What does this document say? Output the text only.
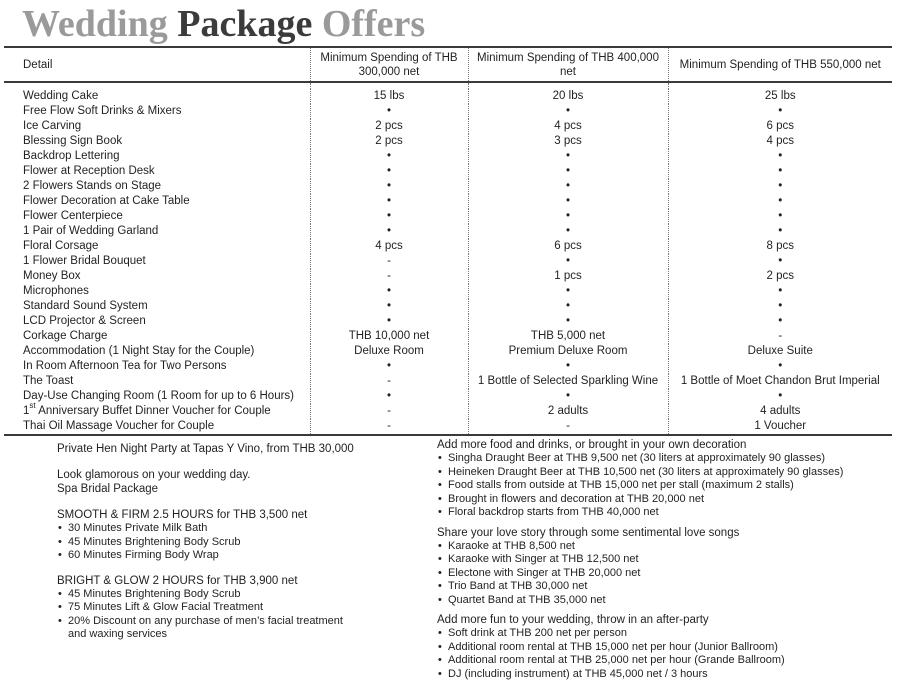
Wedding Package Offers
Detail	Minimum Spending of THB 300,000 net	Minimum Spending of THB 400,000 net	Minimum Spending of THB 550,000 net

Wedding Cake	15 lbs	20 lbs	25 lbs
Free Flow Soft Drinks & Mixers	•	•	•
Ice Carving	2 pcs	4 pcs	6 pcs
Blessing Sign Book	2 pcs	3 pcs	4 pcs
Backdrop Lettering	•	•	•
Flower at Reception Desk	•	•	•
2 Flowers Stands on Stage	•	•	•
Flower Decoration at Cake Table	•	•	•
Flower Centerpiece	•	•	•
1 Pair of Wedding Garland	•	•	•
Floral Corsage	4 pcs	6 pcs	8 pcs
1 Flower Bridal Bouquet	-	•	•
Money Box	-	1 pcs	2 pcs
Microphones	•	•	•
Standard Sound System	•	•	•
LCD Projector & Screen	•	•	•
Corkage Charge	THB 10,000 net	THB 5,000 net	-
Accommodation (1 Night Stay for the Couple)	Deluxe Room	Premium Deluxe Room	Deluxe Suite
In Room Afternoon Tea for Two Persons	•	•	•
The Toast	-	1 Bottle of Selected Sparkling Wine	1 Bottle of Moet Chandon Brut Imperial
Day-Use Changing Room (1 Room for up to 6 Hours)	•	•	•
1st Anniversary Buffet Dinner Voucher for Couple	-	2 adults	4 adults
Thai Oil Massage Voucher for Couple	-	-	1 Voucher
Private Hen Night Party at Tapas Y Vino, from THB 30,000
Look glamorous on your wedding day.
Spa Bridal Package
SMOOTH & FIRM 2.5 HOURS for THB 3,500 net
• 30 Minutes Private Milk Bath
• 45 Minutes Brightening Body Scrub
• 60 Minutes Firming Body Wrap
BRIGHT & GLOW 2 HOURS for THB 3,900 net
• 45 Minutes Brightening Body Scrub
• 75 Minutes Lift & Glow Facial Treatment
• 20% Discount on any purchase of men’s facial treatment
and waxing services
Add more food and drinks, or brought in your own decoration
• Singha Draught Beer at THB 9,500 net (30 liters at approximately 90 glasses)
• Heineken Draught Beer at THB 10,500 net (30 liters at approximately 90 glasses)
• Food stalls from outside at THB 15,000 net per stall (maximum 2 stalls)
• Brought in flowers and decoration at THB 20,000 net
• Floral backdrop starts from THB 40,000 net
Share your love story through some sentimental love songs
• Karaoke at THB 8,500 net
• Karaoke with Singer at THB 12,500 net
• Electone with Singer at THB 20,000 net
• Trio Band at THB 30,000 net
• Quartet Band at THB 35,000 net
Add more fun to your wedding, throw in an after-party
• Soft drink at THB 200 net per person
• Additional room rental at THB 15,000 net per hour (Junior Ballroom)
• Additional room rental at THB 25,000 net per hour (Grande Ballroom)
• DJ (including instrument) at THB 45,000 net / 3 hours
